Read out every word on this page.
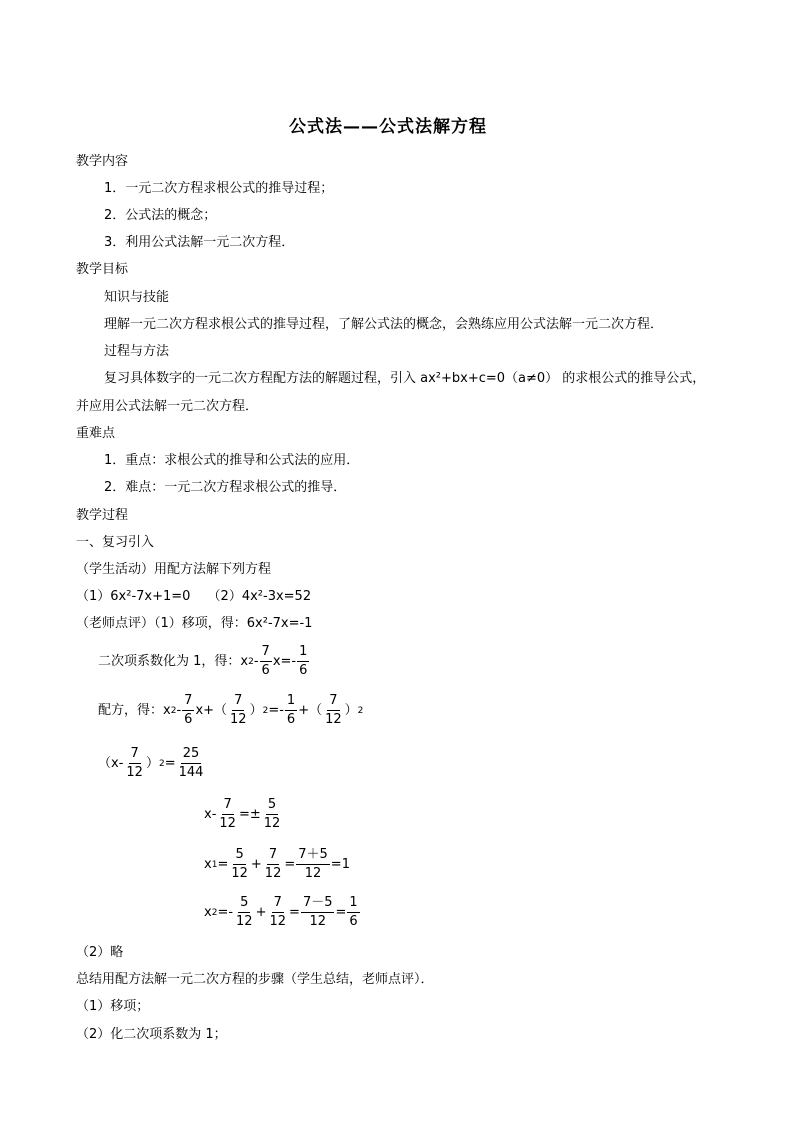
公式法——公式法解方程
教学内容
1．一元二次方程求根公式的推导过程；
2．公式法的概念；
3．利用公式法解一元二次方程．
教学目标
知识与技能
理解一元二次方程求根公式的推导过程，了解公式法的概念，会熟练应用公式法解一元二次方程．
过程与方法
复习具体数字的一元二次方程配方法的解题过程，引入 ax²+bx+c=0（a≠0） 的求根公式的推导公式，
并应用公式法解一元二次方程．
重难点
1．重点：求根公式的推导和公式法的应用．
2．难点：一元二次方程求根公式的推导．
教学过程
一、复习引入
（学生活动）用配方法解下列方程
（1）6x²-7x+1=0　 （2）4x²-3x=52
（老师点评）（1）移项，得：6x²-7x=-1
二次项系数化为 1，得： x $2 - \frac{7}{6} x=- \frac{1}{6}$
配方，得： x $2 - \frac{7}{6} x+( \frac{7}{12}$ ） $2 =- \frac{1}{6}$ +（ $\frac{7}{12}$ ） 2
（$x- \frac{7}{12}$ ） $2 = \frac{25}{144}$
$x- \frac{7}{12} =\pm \frac{5}{12}$
x $1 = \frac{5}{12} + \frac{7}{12} = \frac{7+5}{12} =1$
x $2 =- \frac{5}{12} + \frac{7}{12} = \frac{7-5}{12} = \frac{1}{6}$
（2）略
总结用配方法解一元二次方程的步骤（学生总结，老师点评）．
（1）移项；
（2）化二次项系数为 1；
